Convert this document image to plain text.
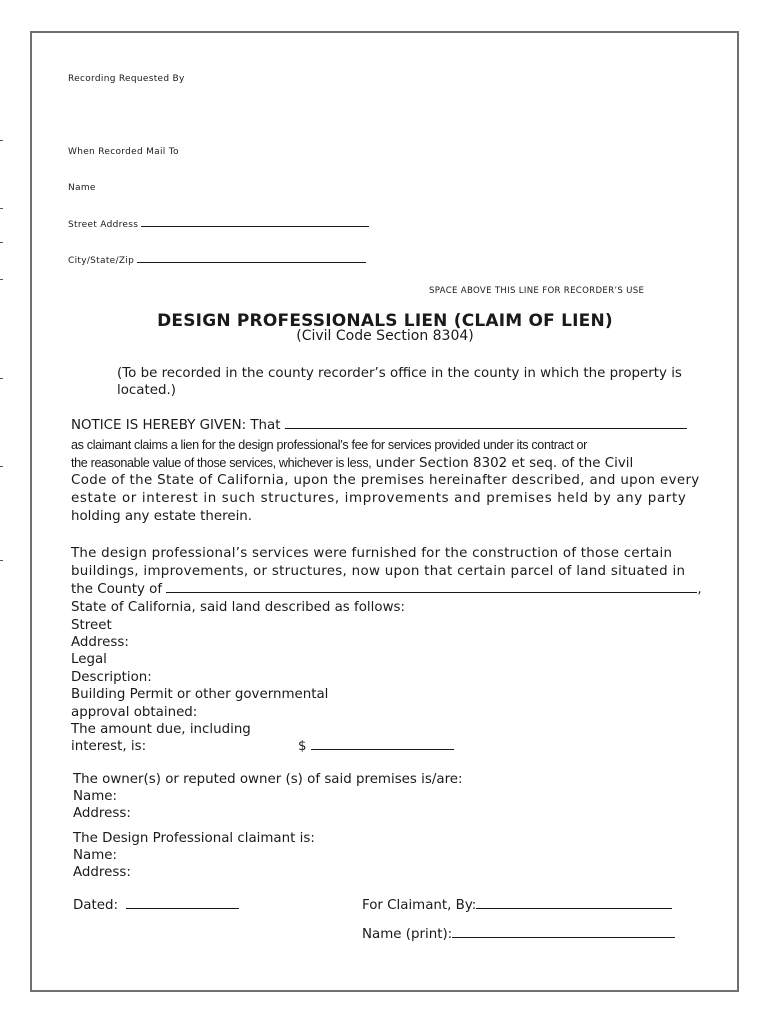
Recording Requested By
When Recorded Mail To
Name
Street Address
City/State/Zip
SPACE ABOVE THIS LINE FOR RECORDER’S USE
DESIGN PROFESSIONALS LIEN (CLAIM OF LIEN)
(Civil Code Section 8304)
(To be recorded in the county recorder’s office in the county in which the property is
located.)
NOTICE IS HEREBY GIVEN: That
as claimant claims a lien for the design professional’s fee for services provided under its contract or
the reasonable value of those services, whichever is less, under Section 8302 et seq. of the Civil
Code of the State of California, upon the premises hereinafter described, and upon every
estate or interest in such structures, improvements and premises held by any party
holding any estate therein.
The design professional’s services were furnished for the construction of those certain
buildings, improvements, or structures, now upon that certain parcel of land situated in
the County of	,
State of California, said land described as follows:
Street
Address:
Legal
Description:
Building Permit or other governmental
approval obtained:
The amount due, including
interest, is:	$
The owner(s) or reputed owner (s) of said premises is/are:
Name:
Address:
The Design Professional claimant is:
Name:
Address:
Dated:	For Claimant, By:
Name (print):
